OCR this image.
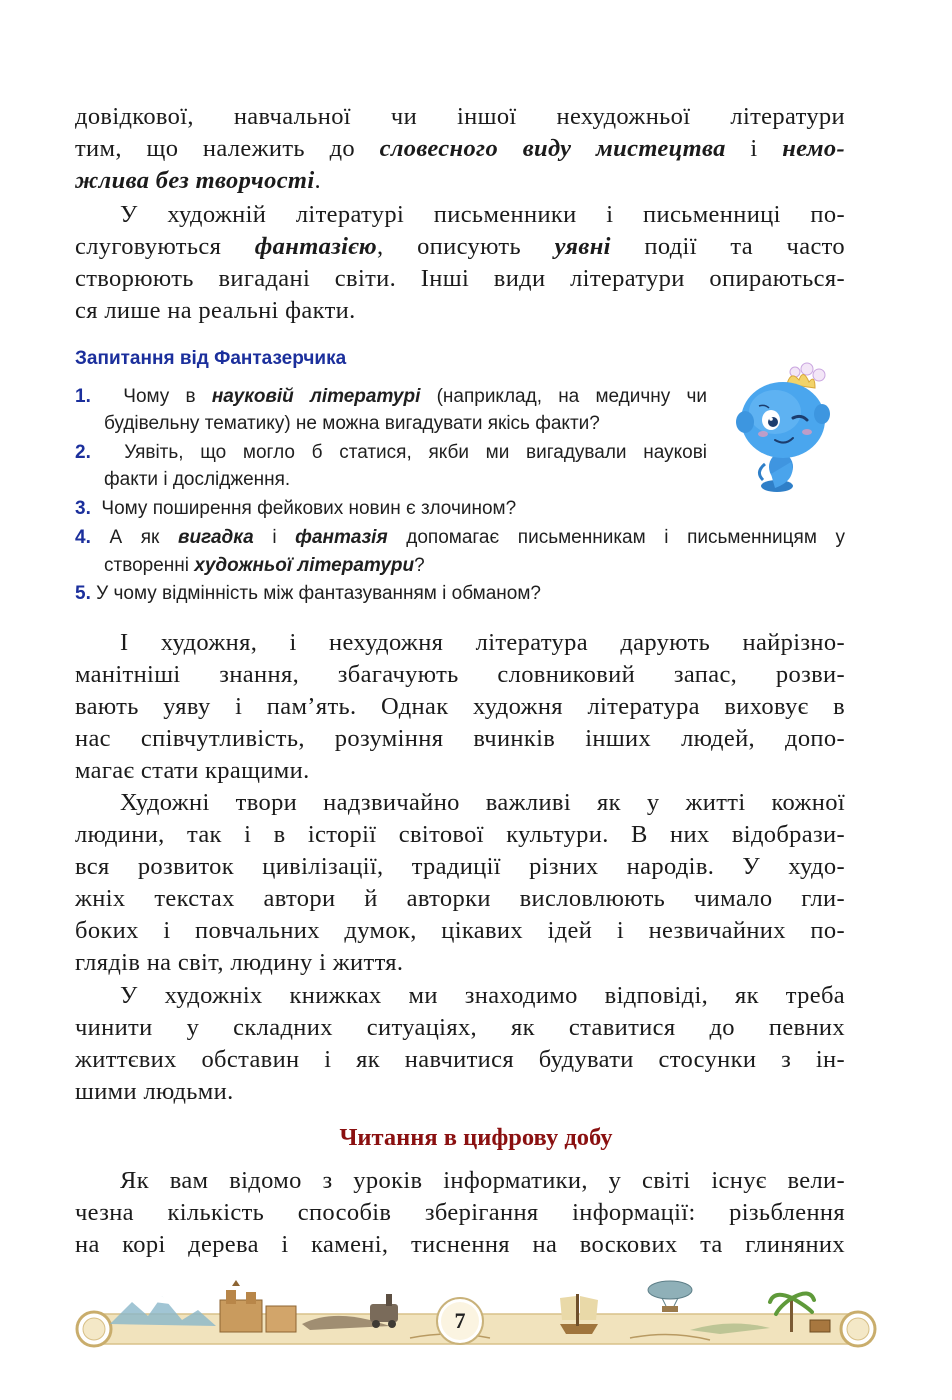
довідкової, навчальної чи іншої нехудожньої літератури
тим, що належить до словесного виду мистецтва і немо-
жлива без творчості.
У художній літературі письменники і письменниці по-
слуговуються фантазією, описують уявні події та часто
створюють вигадані світи. Інші види літератури опираються-
ся лише на реальні факти.
Запитання від Фантазерчика
1. Чому в науковій літературі (наприклад, на медичну чи
будівельну тематику) не можна вигадувати якісь факти?
2. Уявіть, що могло б статися, якби ми вигадували наукові
факти і дослідження.
3. Чому поширення фейкових новин є злочином?
4. А як вигадка і фантазія допомагає письменникам і письменницям у
створенні художньої літератури?
5. У чому відмінність між фантазуванням і обманом?
І художня, і нехудожня література дарують найрізно-
манітніші знання, збагачують словниковий запас, розви-
вають уяву і пам’ять. Однак художня література виховує в
нас співчутливість, розуміння вчинків інших людей, допо-
магає стати кращими.
Художні твори надзвичайно важливі як у житті кожної
людини, так і в історії світової культури. В них відобрази-
вся розвиток цивілізації, традиції різних народів. У худо-
жніх текстах автори й авторки висловлюють чимало гли-
боких і повчальних думок, цікавих ідей і незвичайних по-
глядів на світ, людину і життя.
У художніх книжках ми знаходимо відповіді, як треба
чинити у складних ситуаціях, як ставитися до певних
життєвих обставин і як навчитися будувати стосунки з ін-
шими людьми.
Читання в цифрову добу
Як вам відомо з уроків інформатики, у світі існує вели-
чезна кількість способів зберігання інформації: різьблення
на корі дерева і камені, тиснення на воскових та глиняних
7
